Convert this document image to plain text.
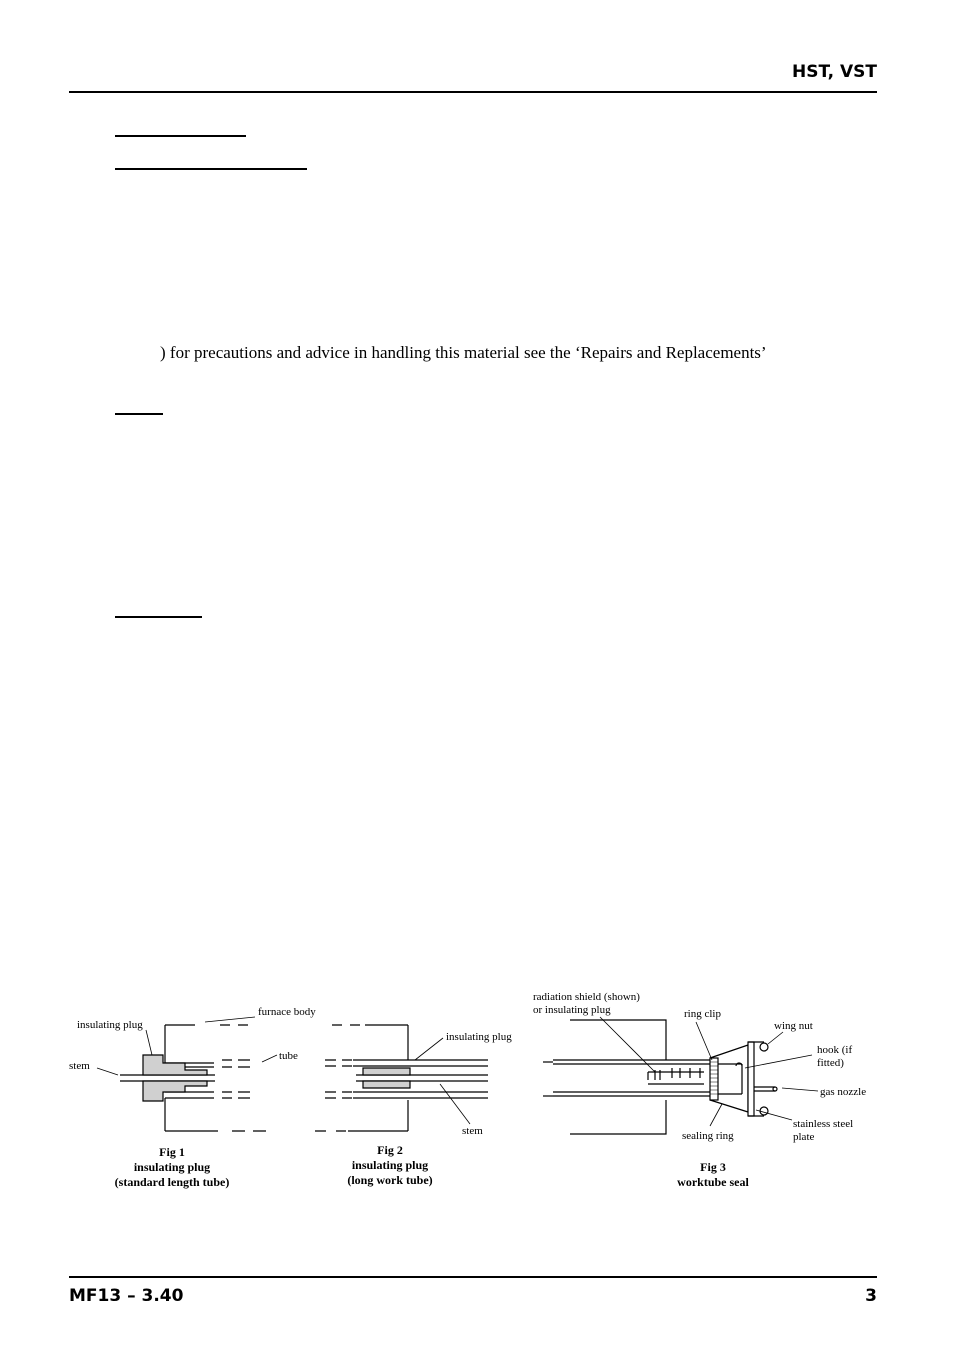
HST, VST
) for precautions and advice in handling this material see the ‘Repairs and Replacements’
insulating plug
furnace body
stem
tube
insulating plug
stem
radiation shield (shown)
or insulating plug	ring clip
wing nut
hook (if
fitted)
gas nozzle
stainless steel
plate
sealing ring
Fig 1
insulating plug
(standard length tube)
Fig 2
insulating plug
(long work tube)
Fig 3
worktube seal
MF13 – 3.40	3
